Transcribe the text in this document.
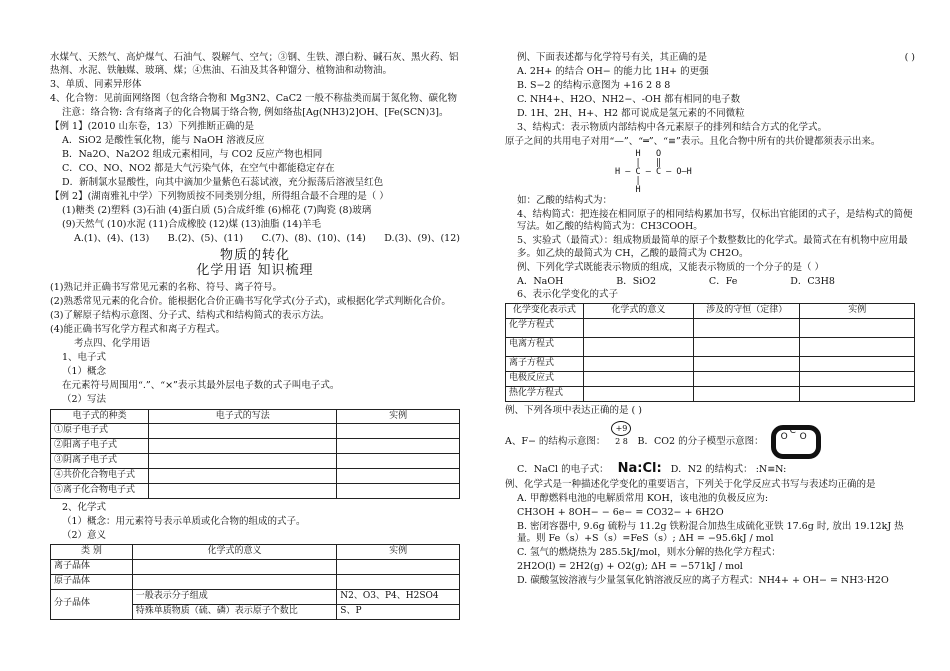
水煤气、天然气、高炉煤气、石油气、裂解气、空气；③钢、生铁、漂白粉、碱石灰、黑火药、铝热剂、水泥、铁触媒、玻璃、煤；④焦油、石油及其各种馏分、植物油和动物油。

3、单质、同素异形体

4、化合物：见前面网络图（包含络合物和 Mg3N2、CaC2 一般不称盐类而属于氮化物、碳化物

注意：络合物: 含有络离子的化合物属于络合物, 例如络盐[Ag(NH3)2]OH、[Fe(SCN)3]。

【例 1】(2010 山东卷，13）下列推断正确的是

A．SiO2 是酸性氧化物，能与 NaOH 溶液反应

B．Na2O、Na2O2 组成元素相同，与 CO2 反应产物也相同

C．CO、NO、NO2 都是大气污染气体，在空气中都能稳定存在

D．新制氯水显酸性，向其中滴加少量紫色石蕊试液，充分振荡后溶液呈红色

【例 2】(湖南雅礼中学）下列物质按不同类别分组，所得组合最不合理的是（ ）

(1)糖类 (2)塑料 (3)石油 (4)蛋白质 (5)合成纤维 (6)棉花 (7)陶瓷 (8)玻璃

(9)天然气 (10)水泥 (11)合成橡胶 (12)煤 (13)油脂 (14)羊毛

A.(1)、(4)、(13) B.(2)、(5)、(11) C.(7)、(8)、(10)、(14) D.(3)、(9)、(12)
物质的转化
化学用语 知识梳理

(1)熟记并正确书写常见元素的名称、符号、离子符号。

(2)熟悉常见元素的化合价。能根据化合价正确书写化学式(分子式)，或根据化学式判断化合价。

(3)了解原子结构示意图、分子式、结构式和结构简式的表示方法。

(4)能正确书写化学方程式和离子方程式。

考点四、化学用语

1、电子式

（1）概念

在元素符号周围用“.”、“×”表示其最外层电子数的式子叫电子式。

（2）写法

电子式的种类	电子式的写法	实例
①原子电子式		
②阳离子电子式		
③阴离子电子式		
④共价化合物电子式		
⑤离子化合物电子式		

2、化学式

（1）概念：用元素符号表示单质或化合物的组成的式子。

（2）意义

类 别	化学式的意义	实例
离子晶体		
原子晶体		
分子晶体	一般表示分子组成	N2、O3、P4、H2SO4
	特殊单质物质（硫、磷）表示原子个数比	S、P

例、下面表述都与化学符号有关，其正确的是	( )

A. 2H+ 的结合 OH− 的能力比 1H+ 的更强

B. S−2 的结构示意图为 +16 2 8 8

C. NH4+、H2O、NH2−、-OH 都有相同的电子数

D. 1H、2H、H+、H2 都可说成是氢元素的不同微粒

3、结构式：表示物质内部结构中各元素原子的排列和结合方式的化学式。

原子之间的共用电子对用“—”、“═”、“≡”表示。且化合物中所有的共价键都须表示出来。

H   O
|   ‖
H — C — C — O—H
|
H

如：乙酸的结构式为：

4、结构简式：把连接在相同原子的相同结构累加书写，仅标出官能团的式子，是结构式的简便写法。如乙酸的结构简式为：CH3COOH。

5、实验式（最简式）：组成物质最简单的原子个数整数比的化学式。最简式在有机物中应用最多。如乙炔的最简式为 CH，乙酸的最简式为 CH2O。

例、下列化学式既能表示物质的组成，又能表示物质的一个分子的是（ ）

A．NaOH	B．SiO2	C．Fe	D．C3H8

6、表示化学变化的式子

化学变化表示式	化学式的意义	涉及的守恒（定律）	实例
化学方程式			
电离方程式			
离子方程式			
电极反应式			
热化学方程式			

例、下列各项中表达正确的是 ( )

A、F− 的结构示意图： +9 2 8 B．CO2 的分子模型示意图： O
C
O

C．NaCl 的电子式： Na:Cl: D．N2 的结构式： :N≡N:

例、化学式是一种描述化学变化的重要语言，下列关于化学反应式书写与表述均正确的是

A. 甲醇燃料电池的电解质常用 KOH，该电池的负极反应为:

CH3OH + 8OH− − 6e− = CO32− + 6H2O

B. 密闭容器中, 9.6g 硫粉与 11.2g 铁粉混合加热生成硫化亚铁 17.6g 时, 放出 19.12kJ 热量。则 Fe（s）+S（s）=FeS（s）; ΔH = −95.6kJ / mol

C. 氢气的燃烧热为 285.5kJ/mol，则水分解的热化学方程式：

2H2O(l) = 2H2(g) + O2(g); ΔH = −571kJ / mol

D. 碳酸氢铵溶液与少量氢氧化钠溶液反应的离子方程式：NH4+ + OH− = NH3·H2O
